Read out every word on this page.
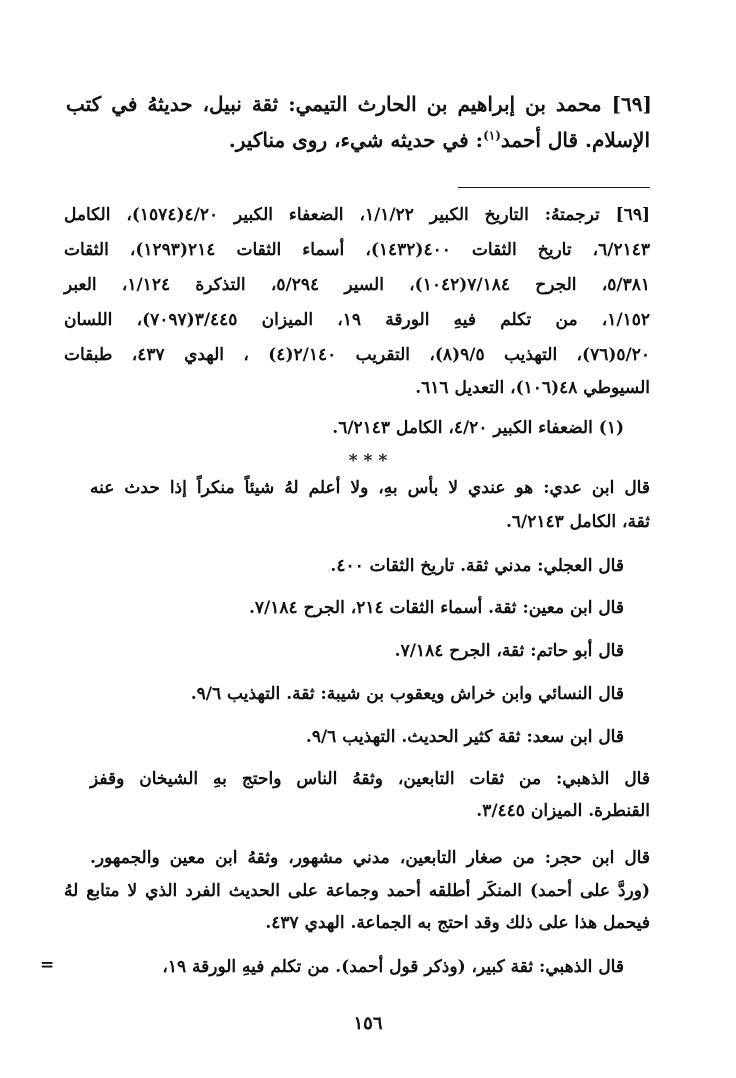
[٦٩] محمد بن إبراهيم بن الحارث التيمي: ثقة نبيل، حديثهُ في كتب
الإسلام. قال أحمد$^{(١)}$: في حديثه شيء، روى مناكير.
[٦٩] ترجمتهُ: التاريخ الكبير ١/١/٢٢، الضعفاء الكبير ٤/٢٠(١٥٧٤)، الكامل
٦/٢١٤٣، تاريخ الثقات ٤٠٠(١٤٣٢)، أسماء الثقات ٢١٤(١٢٩٣)، الثقات
٥/٣٨١، الجرح ٧/١٨٤(١٠٤٢)، السير ٥/٢٩٤، التذكرة ١/١٢٤، العبر
١/١٥٢، من تكلم فيهِ الورقة ١٩، الميزان ٣/٤٤٥(٧٠٩٧)، اللسان
٥/٢٠(٧٦)، التهذيب ٩/٥(٨)، التقريب ٢/١٤٠(٤) ، الهدي ٤٣٧، طبقات
السيوطي ٤٨(١٠٦)، التعديل ٦١٦.
(١) الضعفاء الكبير ٤/٢٠، الكامل ٦/٢١٤٣.
* * *
قال ابن عدي: هو عندي لا بأس بهِ، ولا أعلم لهُ شيئاً منكراً إذا حدث عنه
ثقة، الكامل ٦/٢١٤٣.
قال العجلي: مدني ثقة. تاريخ الثقات ٤٠٠.
قال ابن معين: ثقة. أسماء الثقات ٢١٤، الجرح ٧/١٨٤.
قال أبو حاتم: ثقة، الجرح ٧/١٨٤.
قال النسائي وابن خراش ويعقوب بن شيبة: ثقة. التهذيب ٩/٦.
قال ابن سعد: ثقة كثير الحديث. التهذيب ٩/٦.
قال الذهبي: من ثقات التابعين، وثقهُ الناس واحتج بهِ الشيخان وقفز
القنطرة. الميزان ٣/٤٤٥.
قال ابن حجر: من صغار التابعين، مدني مشهور، وثقهُ ابن معين والجمهور.
(وردَّ على أحمد) المنكَر أطلقه أحمد وجماعة على الحديث الفرد الذي لا متابع لهُ
فيحمل هذا على ذلك وقد احتج به الجماعة. الهدي ٤٣٧.
قال الذهبي: ثقة كبير، (وذكر قول أحمد). من تكلم فيهِ الورقة ١٩،
=
١٥٦
